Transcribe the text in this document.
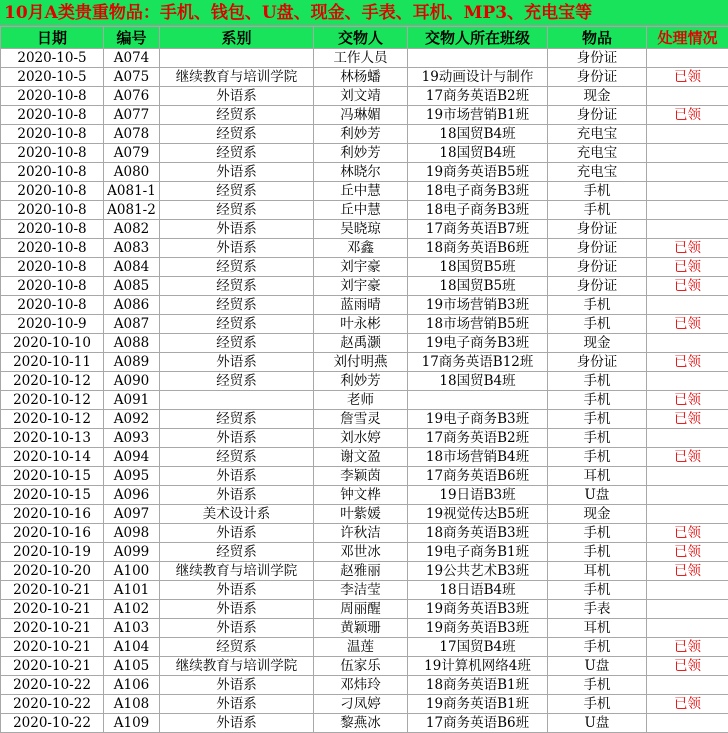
10月A类贵重物品：手机、钱包、U盘、现金、手表、耳机、MP3、充电宝等
日期	编号	系别	交物人	交物人所在班级	物品	处理情况
2020-10-5	A074		工作人员		身份证	
2020-10-5	A075	继续教育与培训学院	林杨蟠	19动画设计与制作	身份证	已领
2020-10-8	A076	外语系	刘文靖	17商务英语B2班	现金	
2020-10-8	A077	经贸系	冯琳媚	19市场营销B1班	身份证	已领
2020-10-8	A078	经贸系	利妙芳	18国贸B4班	充电宝	
2020-10-8	A079	经贸系	利妙芳	18国贸B4班	充电宝	
2020-10-8	A080	外语系	林晓尔	19商务英语B5班	充电宝	
2020-10-8	A081-1	经贸系	丘中慧	18电子商务B3班	手机	
2020-10-8	A081-2	经贸系	丘中慧	18电子商务B3班	手机	
2020-10-8	A082	外语系	吴晓琼	17商务英语B7班	身份证	
2020-10-8	A083	外语系	邓鑫	18商务英语B6班	身份证	已领
2020-10-8	A084	经贸系	刘宇豪	18国贸B5班	身份证	已领
2020-10-8	A085	经贸系	刘宇豪	18国贸B5班	身份证	已领
2020-10-8	A086	经贸系	蓝雨晴	19市场营销B3班	手机	
2020-10-9	A087	经贸系	叶永彬	18市场营销B5班	手机	已领
2020-10-10	A088	经贸系	赵禹灏	19电子商务B3班	现金	
2020-10-11	A089	外语系	刘付明燕	17商务英语B12班	身份证	已领
2020-10-12	A090	经贸系	利妙芳	18国贸B4班	手机	
2020-10-12	A091		老师		手机	已领
2020-10-12	A092	经贸系	詹雪灵	19电子商务B3班	手机	已领
2020-10-13	A093	外语系	刘水婷	17商务英语B2班	手机	
2020-10-14	A094	经贸系	谢文盈	18市场营销B4班	手机	已领
2020-10-15	A095	外语系	李颖茵	17商务英语B6班	耳机	
2020-10-15	A096	外语系	钟文桦	19日语B3班	U盘	
2020-10-16	A097	美术设计系	叶紫媛	19视觉传达B5班	现金	
2020-10-16	A098	外语系	许秋洁	18商务英语B3班	手机	已领
2020-10-19	A099	经贸系	邓世冰	19电子商务B1班	手机	已领
2020-10-20	A100	继续教育与培训学院	赵雅丽	19公共艺术B3班	耳机	已领
2020-10-21	A101	外语系	李洁莹	18日语B4班	手机	
2020-10-21	A102	外语系	周丽醒	19商务英语B3班	手表	
2020-10-21	A103	外语系	黄颖珊	19商务英语B3班	耳机	
2020-10-21	A104	经贸系	温莲	17国贸B4班	手机	已领
2020-10-21	A105	继续教育与培训学院	伍家乐	19计算机网络4班	U盘	已领
2020-10-22	A106	外语系	邓炜玲	18商务英语B1班	手机	
2020-10-22	A108	外语系	刁凤婷	19商务英语B1班	手机	已领
2020-10-22	A109	外语系	黎燕冰	17商务英语B6班	U盘	
